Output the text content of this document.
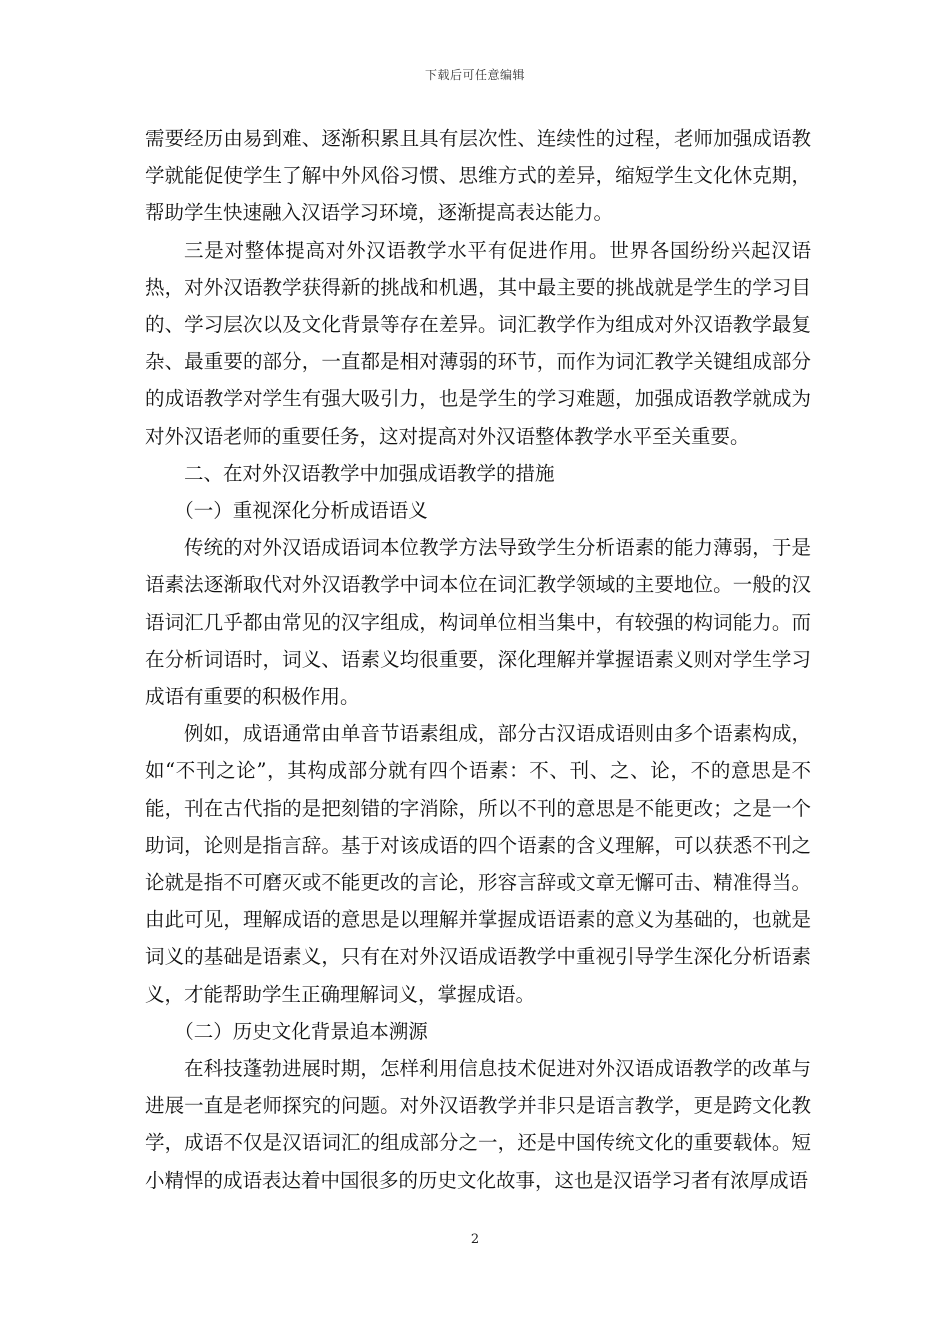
下载后可任意编辑

需要经历由易到难、逐渐积累且具有层次性、连续性的过程，老师加强成语教学就能促使学生了解中外风俗习惯、思维方式的差异，缩短学生文化休克期，帮助学生快速融入汉语学习环境，逐渐提高表达能力。

三是对整体提高对外汉语教学水平有促进作用。世界各国纷纷兴起汉语热，对外汉语教学获得新的挑战和机遇，其中最主要的挑战就是学生的学习目的、学习层次以及文化背景等存在差异。词汇教学作为组成对外汉语教学最复杂、最重要的部分，一直都是相对薄弱的环节，而作为词汇教学关键组成部分的成语教学对学生有强大吸引力，也是学生的学习难题，加强成语教学就成为对外汉语老师的重要任务，这对提高对外汉语整体教学水平至关重要。

二、在对外汉语教学中加强成语教学的措施

（一）重视深化分析成语语义

传统的对外汉语成语词本位教学方法导致学生分析语素的能力薄弱，于是语素法逐渐取代对外汉语教学中词本位在词汇教学领域的主要地位。一般的汉语词汇几乎都由常见的汉字组成，构词单位相当集中，有较强的构词能力。而在分析词语时，词义、语素义均很重要，深化理解并掌握语素义则对学生学习成语有重要的积极作用。

例如，成语通常由单音节语素组成，部分古汉语成语则由多个语素构成，如“不刊之论”，其构成部分就有四个语素：不、刊、之、论，不的意思是不能，刊在古代指的是把刻错的字消除，所以不刊的意思是不能更改；之是一个助词，论则是指言辞。基于对该成语的四个语素的含义理解，可以获悉不刊之论就是指不可磨灭或不能更改的言论，形容言辞或文章无懈可击、精准得当。由此可见，理解成语的意思是以理解并掌握成语语素的意义为基础的，也就是词义的基础是语素义，只有在对外汉语成语教学中重视引导学生深化分析语素义，才能帮助学生正确理解词义，掌握成语。

（二）历史文化背景追本溯源

在科技蓬勃进展时期，怎样利用信息技术促进对外汉语成语教学的改革与进展一直是老师探究的问题。对外汉语教学并非只是语言教学，更是跨文化教学，成语不仅是汉语词汇的组成部分之一，还是中国传统文化的重要载体。短小精悍的成语表达着中国很多的历史文化故事，这也是汉语学习者有浓厚成语

2
